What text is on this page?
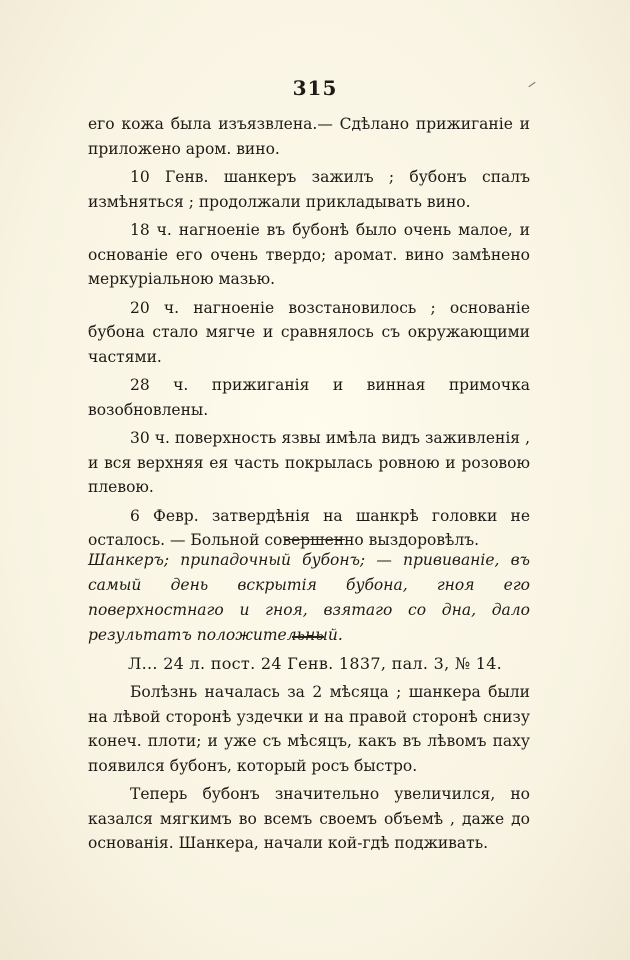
315

его кожа была изъязвлена.— Сдѣлано прижиганіе и приложено аром. вино.

10 Генв. шанкеръ зажилъ ; бубонъ спалъ измѣняться ; продолжали прикладывать вино.

18 ч. нагноеніе въ бубонѣ было очень малое, и основаніе его очень твердо; аромат. вино замѣнено меркуріальною мазью.

20 ч. нагноеніе возстановилось ; основаніе бубона стало мягче и сравнялось съ окружающими частями.

28 ч. прижиганія и винная примочка возобновлены.

30 ч. поверхность язвы имѣла видъ заживленія , и вся верхняя ея часть покрылась ровною и розовою плевою.

6 Февр. затвердѣнія на шанкрѣ головки не осталось. — Больной совершенно выздоровѣлъ.

Шанкеръ; припадочный бубонъ; — прививаніе, въ самый день вскрытія бубона, гноя его поверхностнаго и гноя, взятаго со дна, дало результатъ положительный.
Л... 24 л. пост. 24 Генв. 1837, пал. 3, № 14.

Болѣзнь началась за 2 мѣсяца ; шанкера были на лѣвой сторонѣ уздечки и на правой сторонѣ снизу конеч. плоти; и уже съ мѣсяцъ, какъ въ лѣвомъ паху появился бубонъ, который росъ быстро.

Теперь бубонъ значительно увеличился, но казался мягкимъ во всемъ своемъ объемѣ , даже до основанія. Шанкера, начали кой-гдѣ подживать.
